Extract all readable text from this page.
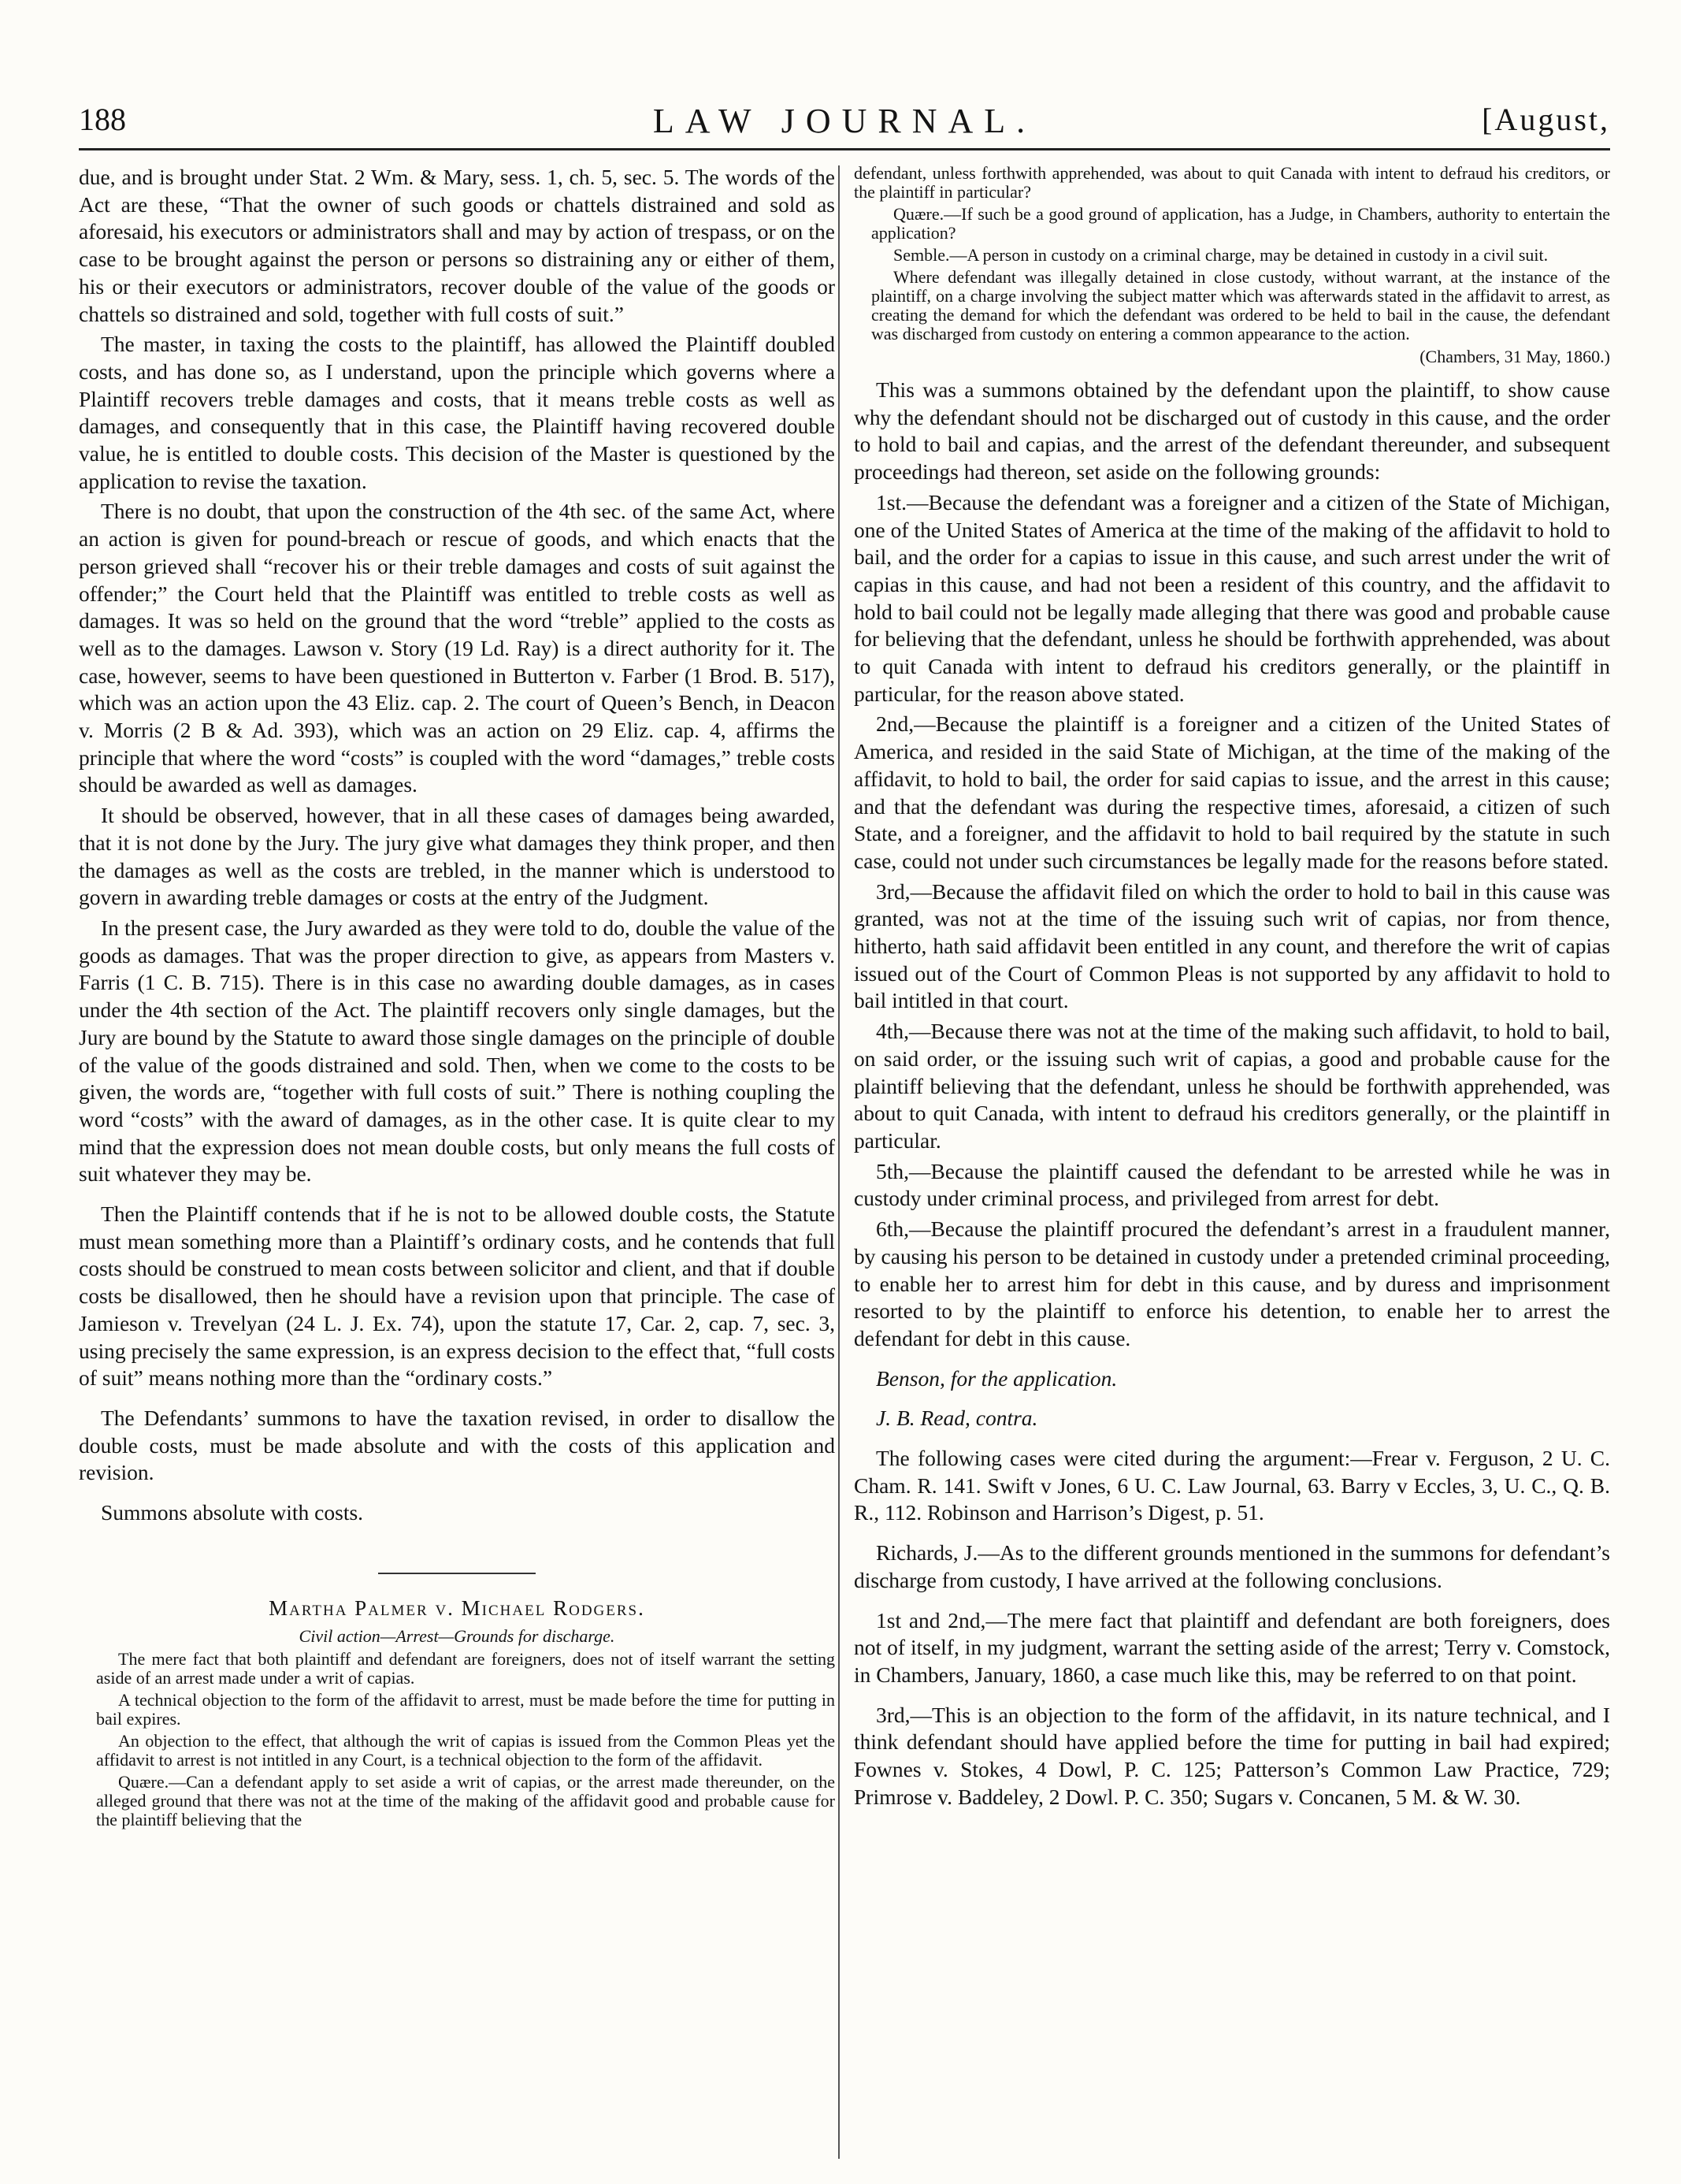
188	LAW JOURNAL.	[August,

due, and is brought under Stat. 2 Wm. & Mary, sess. 1, ch. 5, sec. 5. The words of the Act are these, “That the owner of such goods or chattels distrained and sold as aforesaid, his executors or administrators shall and may by action of trespass, or on the case to be brought against the person or persons so distraining any or either of them, his or their executors or administrators, recover double of the value of the goods or chattels so distrained and sold, together with full costs of suit.”

The master, in taxing the costs to the plaintiff, has allowed the Plaintiff doubled costs, and has done so, as I understand, upon the principle which governs where a Plaintiff recovers treble damages and costs, that it means treble costs as well as damages, and consequently that in this case, the Plaintiff having recovered double value, he is entitled to double costs. This decision of the Master is questioned by the application to revise the taxation.

There is no doubt, that upon the construction of the 4th sec. of the same Act, where an action is given for pound-breach or rescue of goods, and which enacts that the person grieved shall “recover his or their treble damages and costs of suit against the offender;” the Court held that the Plaintiff was entitled to treble costs as well as damages. It was so held on the ground that the word “treble” applied to the costs as well as to the damages. Lawson v. Story (19 Ld. Ray) is a direct authority for it. The case, however, seems to have been questioned in Butterton v. Farber (1 Brod. B. 517), which was an action upon the 43 Eliz. cap. 2. The court of Queen’s Bench, in Deacon v. Morris (2 B & Ad. 393), which was an action on 29 Eliz. cap. 4, affirms the principle that where the word “costs” is coupled with the word “damages,” treble costs should be awarded as well as damages.

It should be observed, however, that in all these cases of damages being awarded, that it is not done by the Jury. The jury give what damages they think proper, and then the damages as well as the costs are trebled, in the manner which is understood to govern in awarding treble damages or costs at the entry of the Judgment.

In the present case, the Jury awarded as they were told to do, double the value of the goods as damages. That was the proper direction to give, as appears from Masters v. Farris (1 C. B. 715). There is in this case no awarding double damages, as in cases under the 4th section of the Act. The plaintiff recovers only single damages, but the Jury are bound by the Statute to award those single damages on the principle of double of the value of the goods distrained and sold. Then, when we come to the costs to be given, the words are, “together with full costs of suit.” There is nothing coupling the word “costs” with the award of damages, as in the other case. It is quite clear to my mind that the expression does not mean double costs, but only means the full costs of suit whatever they may be.

Then the Plaintiff contends that if he is not to be allowed double costs, the Statute must mean something more than a Plaintiff’s ordinary costs, and he contends that full costs should be construed to mean costs between solicitor and client, and that if double costs be disallowed, then he should have a revision upon that principle. The case of Jamieson v. Trevelyan (24 L. J. Ex. 74), upon the statute 17, Car. 2, cap. 7, sec. 3, using precisely the same expression, is an express decision to the effect that, “full costs of suit” means nothing more than the “ordinary costs.”

The Defendants’ summons to have the taxation revised, in order to disallow the double costs, must be made absolute and with the costs of this application and revision.

Summons absolute with costs.

Martha Palmer v. Michael Rodgers.
Civil action—Arrest—Grounds for discharge.

The mere fact that both plaintiff and defendant are foreigners, does not of itself warrant the setting aside of an arrest made under a writ of capias.

A technical objection to the form of the affidavit to arrest, must be made before the time for putting in bail expires.

An objection to the effect, that although the writ of capias is issued from the Common Pleas yet the affidavit to arrest is not intitled in any Court, is a technical objection to the form of the affidavit.

Quære.—Can a defendant apply to set aside a writ of capias, or the arrest made thereunder, on the alleged ground that there was not at the time of the making of the affidavit good and probable cause for the plaintiff believing that the

defendant, unless forthwith apprehended, was about to quit Canada with intent to defraud his creditors, or the plaintiff in particular?

Quære.—If such be a good ground of application, has a Judge, in Chambers, authority to entertain the application?

Semble.—A person in custody on a criminal charge, may be detained in custody in a civil suit.

Where defendant was illegally detained in close custody, without warrant, at the instance of the plaintiff, on a charge involving the subject matter which was afterwards stated in the affidavit to arrest, as creating the demand for which the defendant was ordered to be held to bail in the cause, the defendant was discharged from custody on entering a common appearance to the action.

(Chambers, 31 May, 1860.)

This was a summons obtained by the defendant upon the plaintiff, to show cause why the defendant should not be discharged out of custody in this cause, and the order to hold to bail and capias, and the arrest of the defendant thereunder, and subsequent proceedings had thereon, set aside on the following grounds:

1st.—Because the defendant was a foreigner and a citizen of the State of Michigan, one of the United States of America at the time of the making of the affidavit to hold to bail, and the order for a capias to issue in this cause, and such arrest under the writ of capias in this cause, and had not been a resident of this country, and the affidavit to hold to bail could not be legally made alleging that there was good and probable cause for believing that the defendant, unless he should be forthwith apprehended, was about to quit Canada with intent to defraud his creditors generally, or the plaintiff in particular, for the reason above stated.

2nd,—Because the plaintiff is a foreigner and a citizen of the United States of America, and resided in the said State of Michigan, at the time of the making of the affidavit, to hold to bail, the order for said capias to issue, and the arrest in this cause; and that the defendant was during the respective times, aforesaid, a citizen of such State, and a foreigner, and the affidavit to hold to bail required by the statute in such case, could not under such circumstances be legally made for the reasons before stated.

3rd,—Because the affidavit filed on which the order to hold to bail in this cause was granted, was not at the time of the issuing such writ of capias, nor from thence, hitherto, hath said affidavit been entitled in any count, and therefore the writ of capias issued out of the Court of Common Pleas is not supported by any affidavit to hold to bail intitled in that court.

4th,—Because there was not at the time of the making such affidavit, to hold to bail, on said order, or the issuing such writ of capias, a good and probable cause for the plaintiff believing that the defendant, unless he should be forthwith apprehended, was about to quit Canada, with intent to defraud his creditors generally, or the plaintiff in particular.

5th,—Because the plaintiff caused the defendant to be arrested while he was in custody under criminal process, and privileged from arrest for debt.

6th,—Because the plaintiff procured the defendant’s arrest in a fraudulent manner, by causing his person to be detained in custody under a pretended criminal proceeding, to enable her to arrest him for debt in this cause, and by duress and imprisonment resorted to by the plaintiff to enforce his detention, to enable her to arrest the defendant for debt in this cause.

Benson, for the application.

J. B. Read, contra.

The following cases were cited during the argument:—Frear v. Ferguson, 2 U. C. Cham. R. 141. Swift v Jones, 6 U. C. Law Journal, 63. Barry v Eccles, 3, U. C., Q. B. R., 112. Robinson and Harrison’s Digest, p. 51.

Richards, J.—As to the different grounds mentioned in the summons for defendant’s discharge from custody, I have arrived at the following conclusions.

1st and 2nd,—The mere fact that plaintiff and defendant are both foreigners, does not of itself, in my judgment, warrant the setting aside of the arrest; Terry v. Comstock, in Chambers, January, 1860, a case much like this, may be referred to on that point.

3rd,—This is an objection to the form of the affidavit, in its nature technical, and I think defendant should have applied before the time for putting in bail had expired; Fownes v. Stokes, 4 Dowl, P. C. 125; Patterson’s Common Law Practice, 729; Primrose v. Baddeley, 2 Dowl. P. C. 350; Sugars v. Concanen, 5 M. & W. 30.
